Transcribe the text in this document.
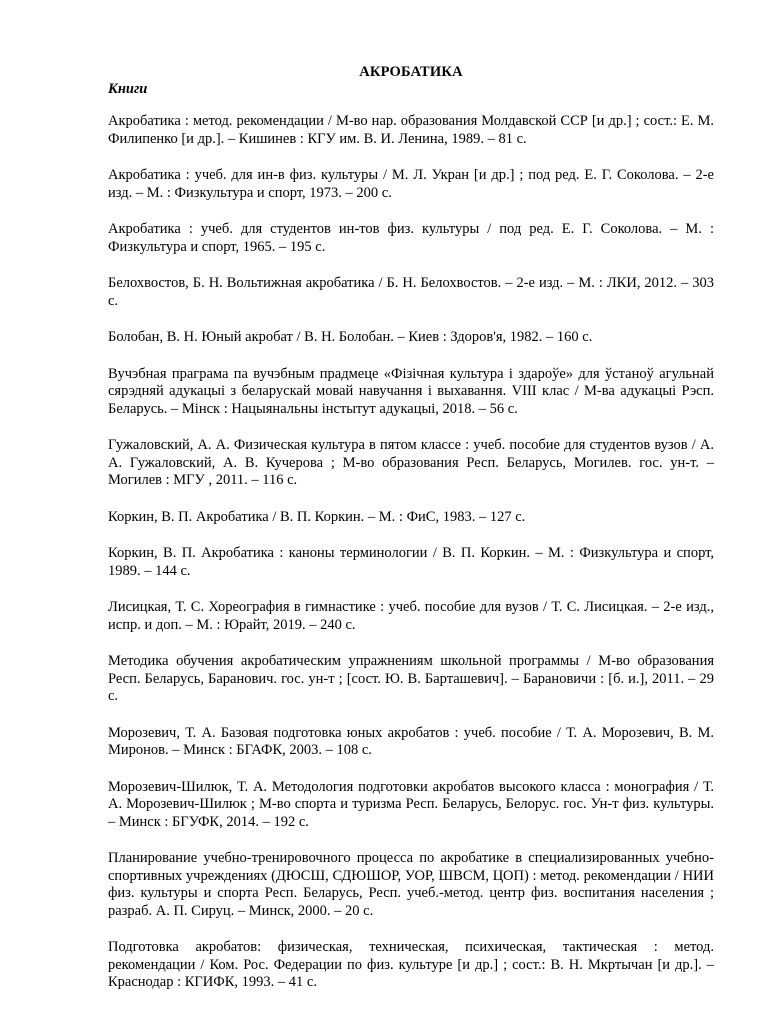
АКРОБАТИКА

Книги

Акробатика : метод. рекомендации / М-во нар. образования Молдавской ССР [и др.] ; сост.: Е. М. Филипенко [и др.]. – Кишинев : КГУ им. В. И. Ленина, 1989. – 81 с.

Акробатика : учеб. для ин-в физ. культуры / М. Л. Укран [и др.] ; под ред. Е. Г. Соколова. – 2-е изд. – М. : Физкультура и спорт, 1973. – 200 с.

Акробатика : учеб. для студентов ин-тов физ. культуры / под ред. Е. Г. Соколова. – М. : Физкультура и спорт, 1965. – 195 с.

Белохвостов, Б. Н. Вольтижная акробатика / Б. Н. Белохвостов. – 2-е изд. – М. : ЛКИ, 2012. – 303 с.

Болобан, В. Н. Юный акробат / В. Н. Болобан. – Киев : Здоров'я, 1982. – 160 с.

Вучэбная праграма па вучэбным прадмеце «Фізічная культура і здароўе» для ўстаноў агульнай сярэдняй адукацыі з беларускай мовай навучання і выхавання. VIII клас / М-ва адукацыі Рэсп. Беларусь. – Мінск : Нацыянальны інстытут адукацыі, 2018. – 56 с.

Гужаловский, А. А. Физическая культура в пятом классе : учеб. пособие для студентов вузов / А. А. Гужаловский, А. В. Кучерова ; М-во образования Респ. Беларусь, Могилев. гос. ун-т. – Могилев : МГУ , 2011. – 116 с.

Коркин, В. П. Акробатика / В. П. Коркин. – М. : ФиС, 1983. – 127 с.

Коркин, В. П. Акробатика : каноны терминологии / В. П. Коркин. – М. : Физкультура и спорт, 1989. – 144 с.

Лисицкая, Т. С. Хореография в гимнастике : учеб. пособие для вузов / Т. С. Лисицкая. – 2-е изд., испр. и доп. – М. : Юрайт, 2019. – 240 с.

Методика обучения акробатическим упражнениям школьной программы / М-во образования Респ. Беларусь, Баранович. гос. ун-т ; [сост. Ю. В. Барташевич]. – Барановичи : [б. и.], 2011. – 29 с.

Морозевич, Т. А. Базовая подготовка юных акробатов : учеб. пособие / Т. А. Морозевич, В. М. Миронов. – Минск : БГАФК, 2003. – 108 с.

Морозевич-Шилюк, Т. А. Методология подготовки акробатов высокого класса : монография / Т. А. Морозевич-Шилюк ; М-во спорта и туризма Респ. Беларусь, Белорус. гос. Ун-т физ. культуры. – Минск : БГУФК, 2014. – 192 с.

Планирование учебно-тренировочного процесса по акробатике в специализированных учебно-спортивных учреждениях (ДЮСШ, СДЮШОР, УОР, ШВСМ, ЦОП) : метод. рекомендации / НИИ физ. культуры и спорта Респ. Беларусь, Респ. учеб.-метод. центр физ. воспитания населения ; разраб. А. П. Сируц. – Минск, 2000. – 20 с.

Подготовка акробатов: физическая, техническая, психическая, тактическая : метод. рекомендации / Ком. Рос. Федерации по физ. культуре [и др.] ; сост.: В. Н. Мкртычан [и др.]. – Краснодар : КГИФК, 1993. – 41 с.
